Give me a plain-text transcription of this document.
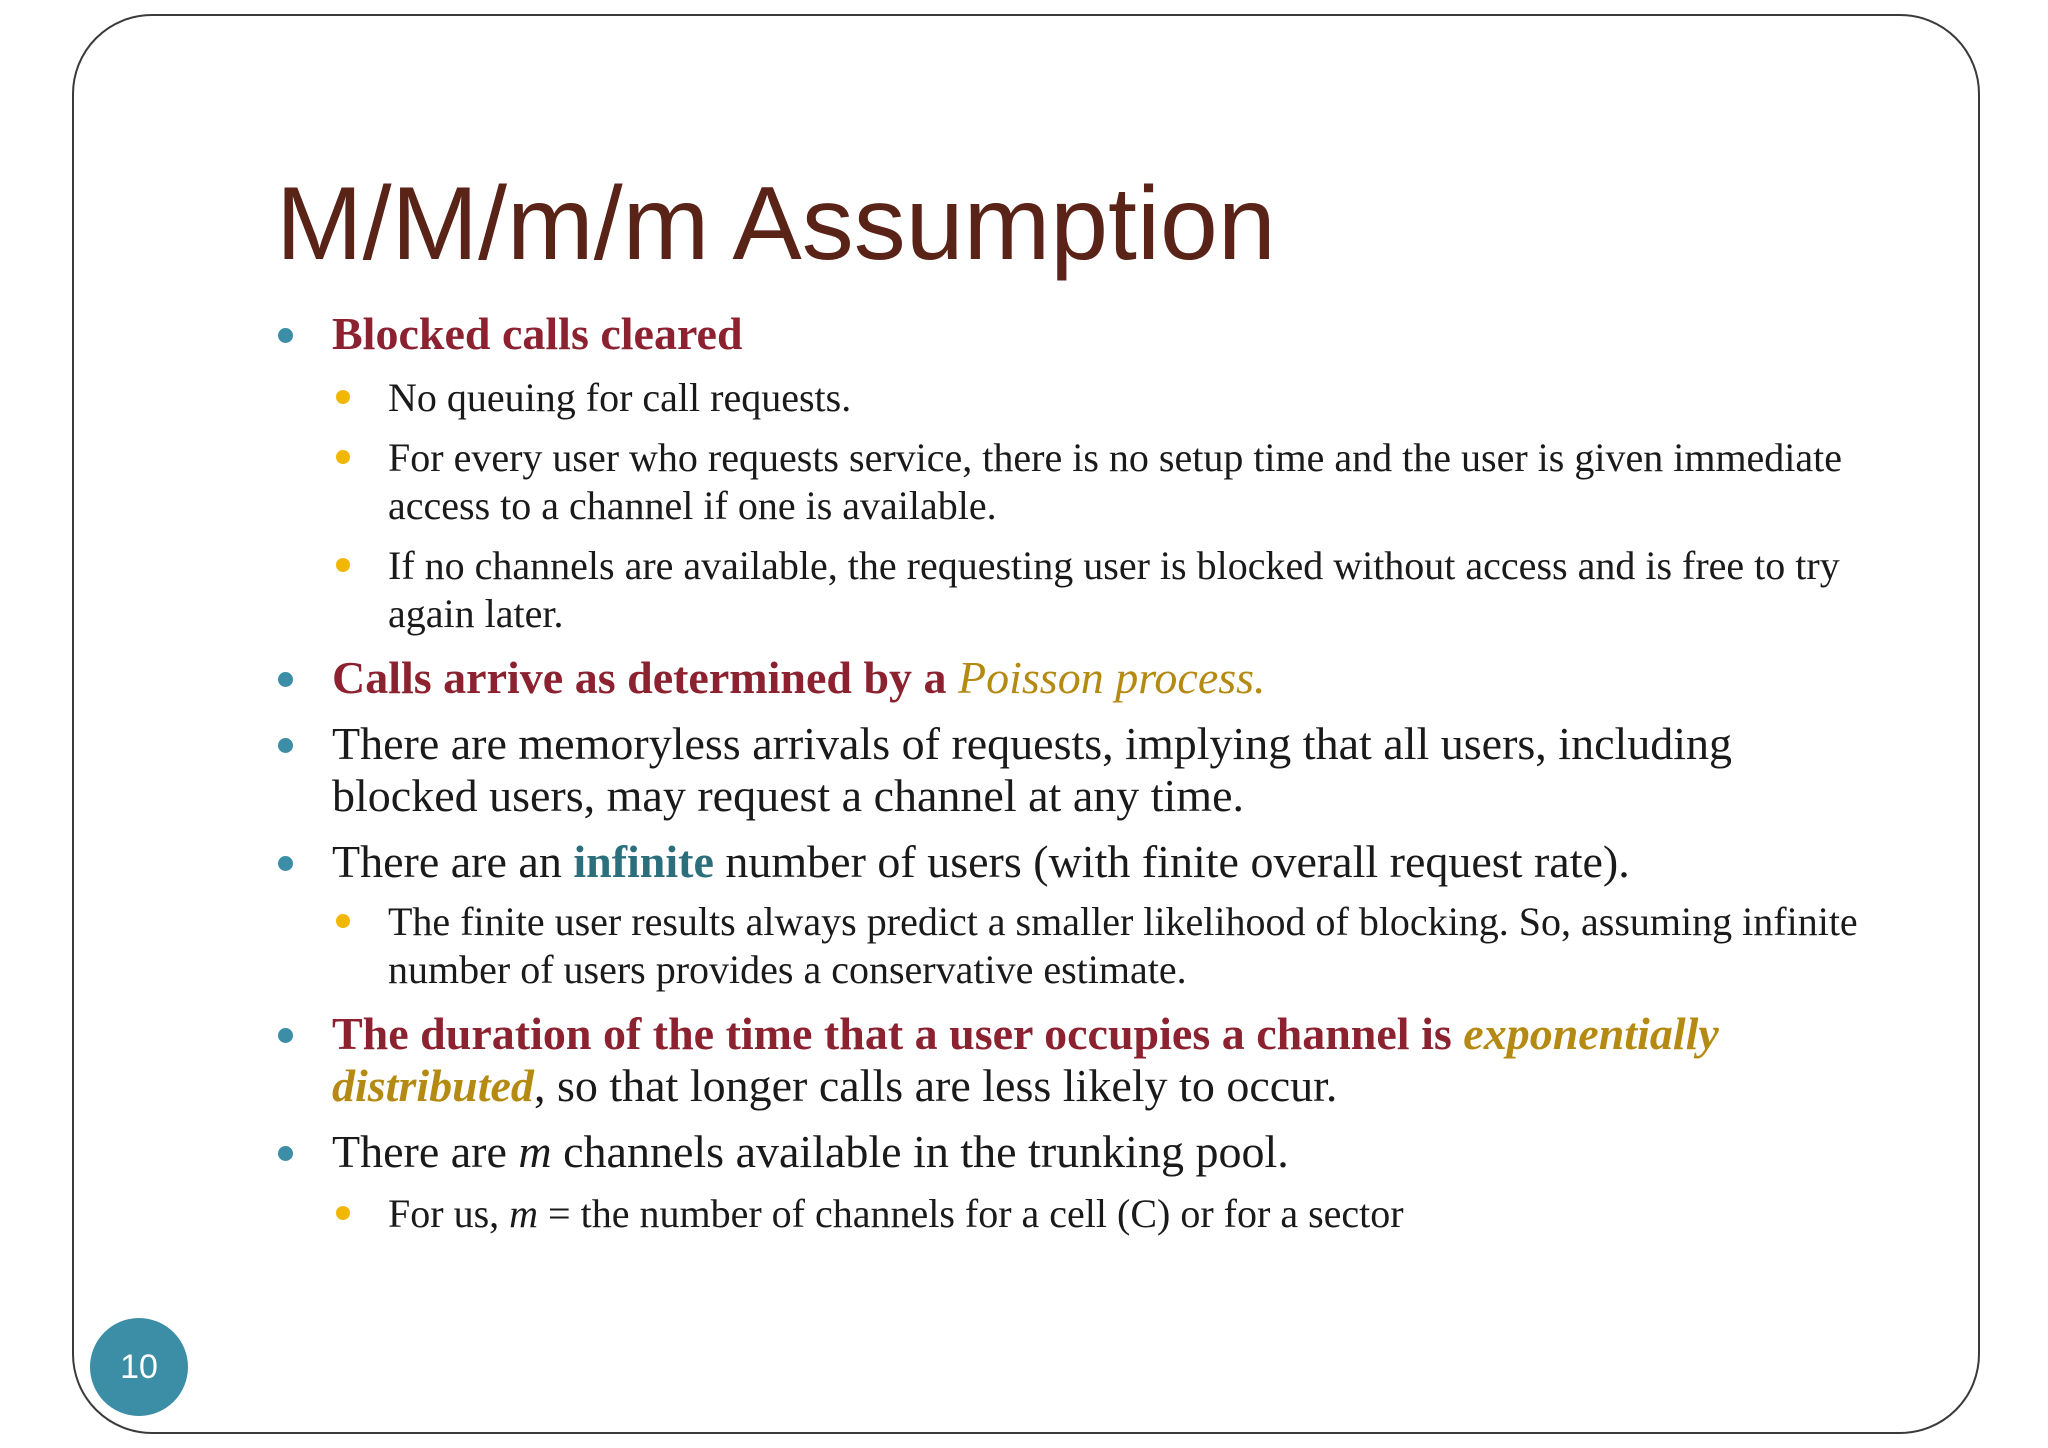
M/M/m/m Assumption
Blocked calls cleared
No queuing for call requests.
For every user who requests service, there is no setup time and the user is given immediate access to a channel if one is available.
If no channels are available, the requesting user is blocked without access and is free to try again later.
Calls arrive as determined by a Poisson process.
There are memoryless arrivals of requests, implying that all users, including blocked users, may request a channel at any time.
There are an infinite number of users (with finite overall request rate).
The finite user results always predict a smaller likelihood of blocking. So, assuming infinite number of users provides a conservative estimate.
The duration of the time that a user occupies a channel is exponentially distributed, so that longer calls are less likely to occur.
There are m channels available in the trunking pool.
For us, m = the number of channels for a cell (C) or for a sector
10
